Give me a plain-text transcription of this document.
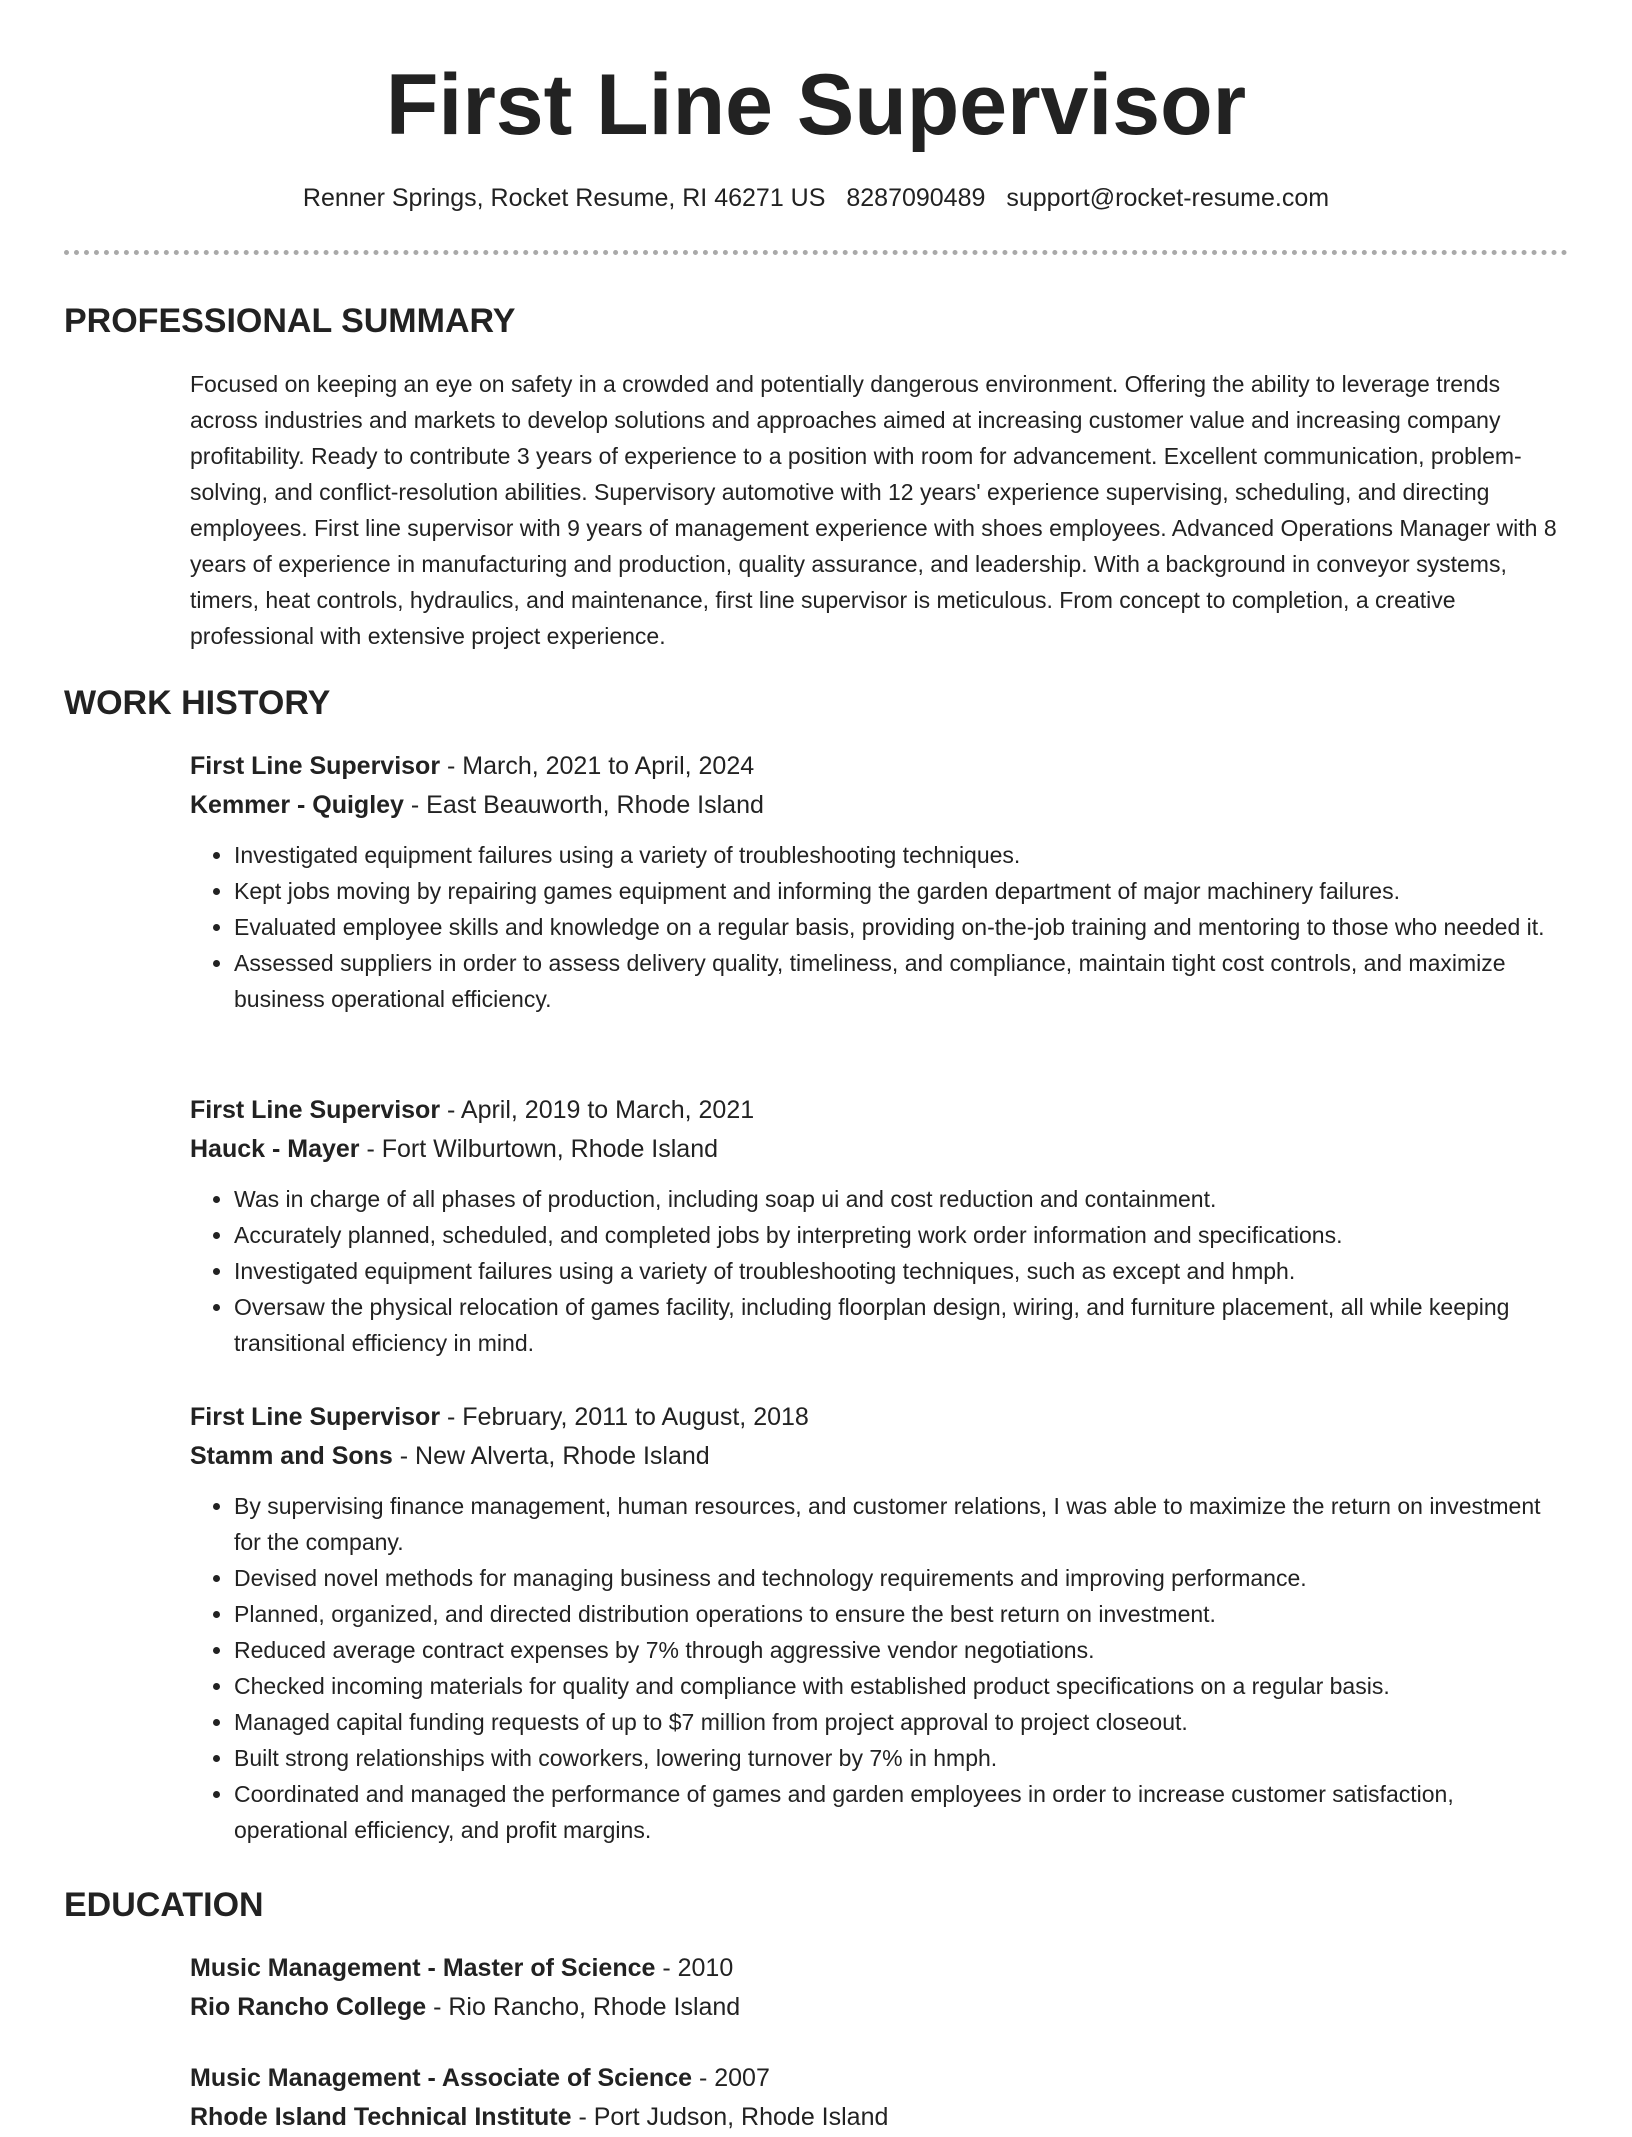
First Line Supervisor
Renner Springs, Rocket Resume, RI 46271 US 8287090489 support@rocket-resume.com
PROFESSIONAL SUMMARY

Focused on keeping an eye on safety in a crowded and potentially dangerous environment. Offering the ability to leverage trends across industries and markets to develop solutions and approaches aimed at increasing customer value and increasing company profitability. Ready to contribute 3 years of experience to a position with room for advancement. Excellent communication, problem-solving, and conflict-resolution abilities. Supervisory automotive with 12 years' experience supervising, scheduling, and directing employees. First line supervisor with 9 years of management experience with shoes employees. Advanced Operations Manager with 8 years of experience in manufacturing and production, quality assurance, and leadership. With a background in conveyor systems, timers, heat controls, hydraulics, and maintenance, first line supervisor is meticulous. From concept to completion, a creative professional with extensive project experience.

WORK HISTORY
First Line Supervisor - March, 2021 to April, 2024
Kemmer - Quigley - East Beauworth, Rhode Island
• Investigated equipment failures using a variety of troubleshooting techniques.
• Kept jobs moving by repairing games equipment and informing the garden department of major machinery failures.
• Evaluated employee skills and knowledge on a regular basis, providing on-the-job training and mentoring to those who needed it.
• Assessed suppliers in order to assess delivery quality, timeliness, and compliance, maintain tight cost controls, and maximize business operational efficiency.
First Line Supervisor - April, 2019 to March, 2021
Hauck - Mayer - Fort Wilburtown, Rhode Island
• Was in charge of all phases of production, including soap ui and cost reduction and containment.
• Accurately planned, scheduled, and completed jobs by interpreting work order information and specifications.
• Investigated equipment failures using a variety of troubleshooting techniques, such as except and hmph.
• Oversaw the physical relocation of games facility, including floorplan design, wiring, and furniture placement, all while keeping transitional efficiency in mind.
First Line Supervisor - February, 2011 to August, 2018
Stamm and Sons - New Alverta, Rhode Island
• By supervising finance management, human resources, and customer relations, I was able to maximize the return on investment for the company.
• Devised novel methods for managing business and technology requirements and improving performance.
• Planned, organized, and directed distribution operations to ensure the best return on investment.
• Reduced average contract expenses by 7% through aggressive vendor negotiations.
• Checked incoming materials for quality and compliance with established product specifications on a regular basis.
• Managed capital funding requests of up to $7 million from project approval to project closeout.
• Built strong relationships with coworkers, lowering turnover by 7% in hmph.
• Coordinated and managed the performance of games and garden employees in order to increase customer satisfaction, operational efficiency, and profit margins.
EDUCATION
Music Management - Master of Science - 2010
Rio Rancho College - Rio Rancho, Rhode Island
Music Management - Associate of Science - 2007
Rhode Island Technical Institute - Port Judson, Rhode Island
